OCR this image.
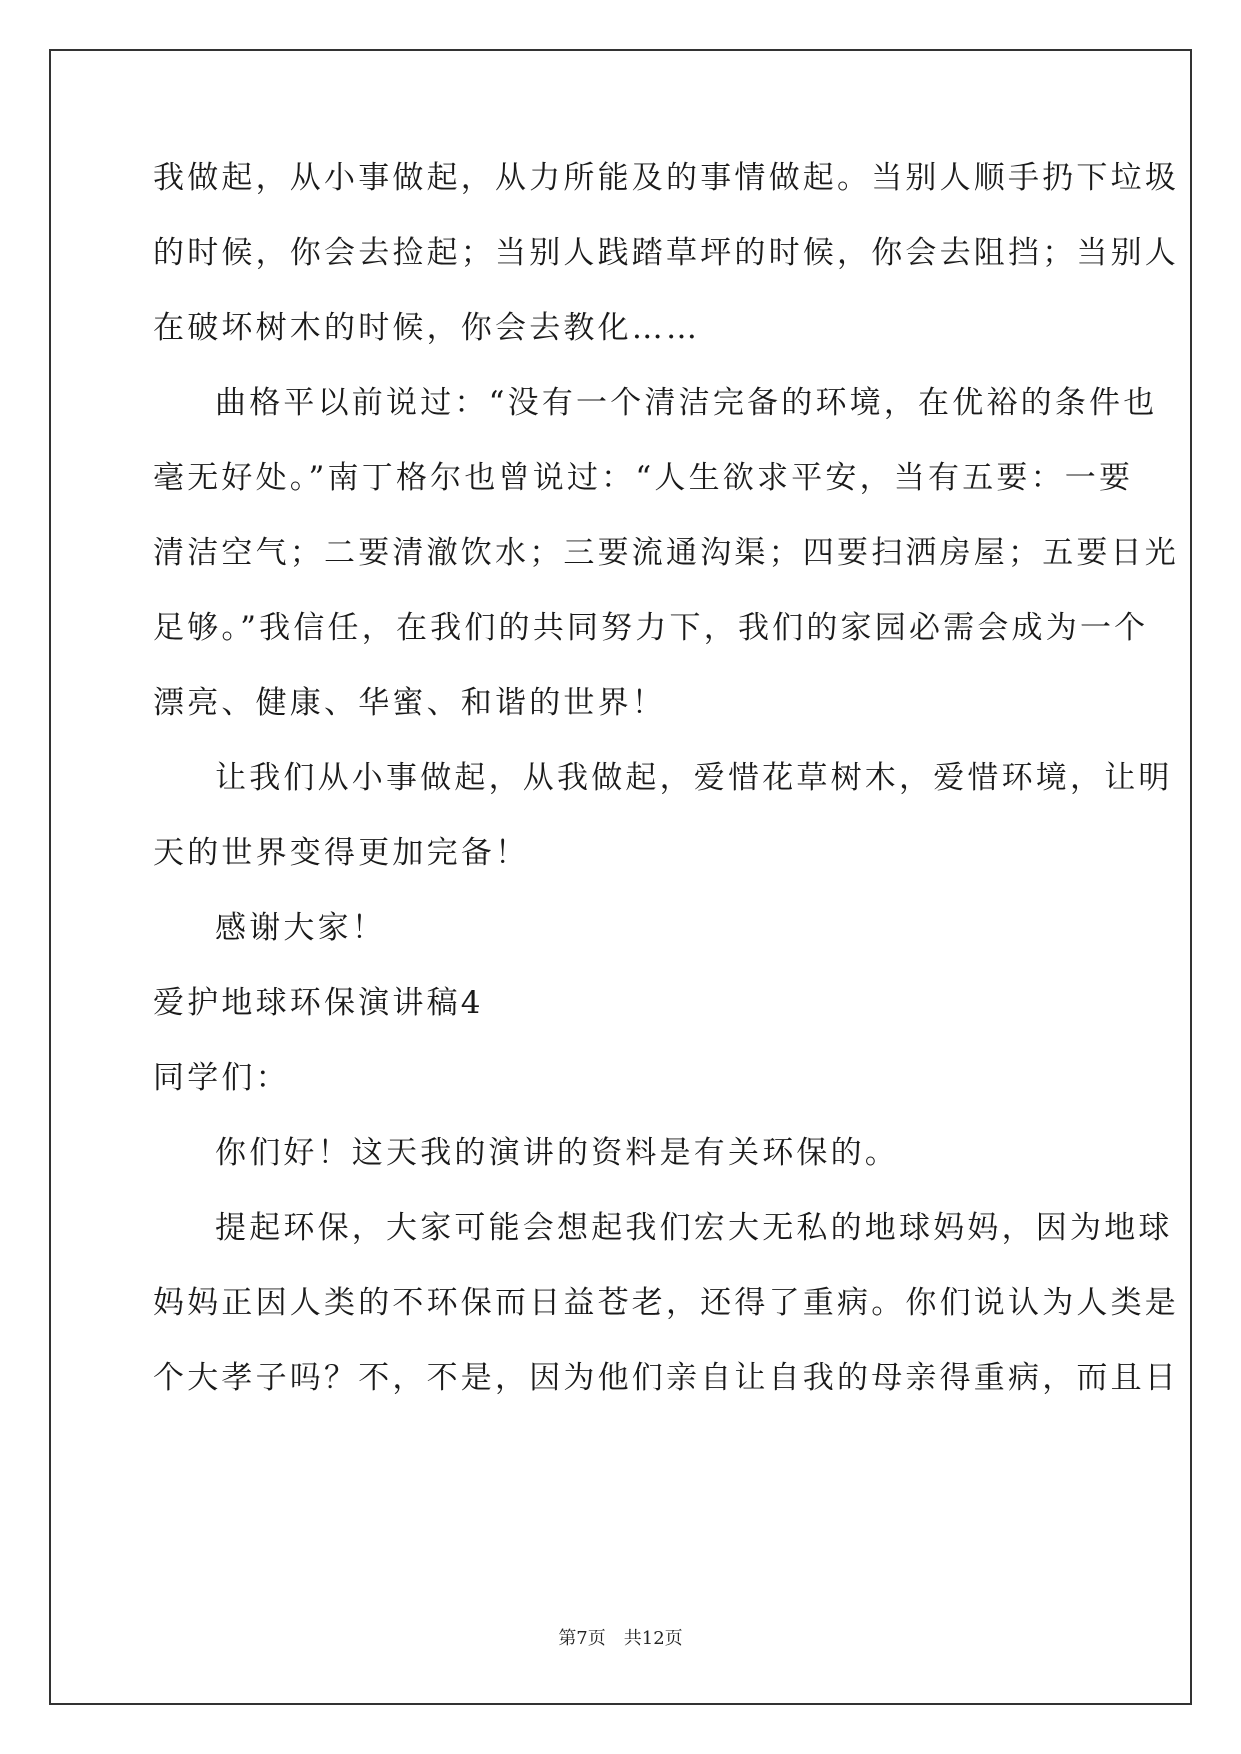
我做起，从小事做起，从力所能及的事情做起。当别人顺手扔下垃圾
的时候，你会去捡起；当别人践踏草坪的时候，你会去阻挡；当别人
在破坏树木的时候，你会去教化……
曲格平以前说过：“没有一个清洁完备的环境，在优裕的条件也
毫无好处。”南丁格尔也曾说过：“人生欲求平安，当有五要：一要
清洁空气；二要清澈饮水；三要流通沟渠；四要扫洒房屋；五要日光
足够。”我信任，在我们的共同努力下，我们的家园必需会成为一个
漂亮、健康、华蜜、和谐的世界！
让我们从小事做起，从我做起，爱惜花草树木，爱惜环境，让明
天的世界变得更加完备！
感谢大家！
爱护地球环保演讲稿4
同学们：
你们好！这天我的演讲的资料是有关环保的。
提起环保，大家可能会想起我们宏大无私的地球妈妈，因为地球
妈妈正因人类的不环保而日益苍老，还得了重病。你们说认为人类是
个大孝子吗？不，不是，因为他们亲自让自我的母亲得重病，而且日
第7页　共12页
